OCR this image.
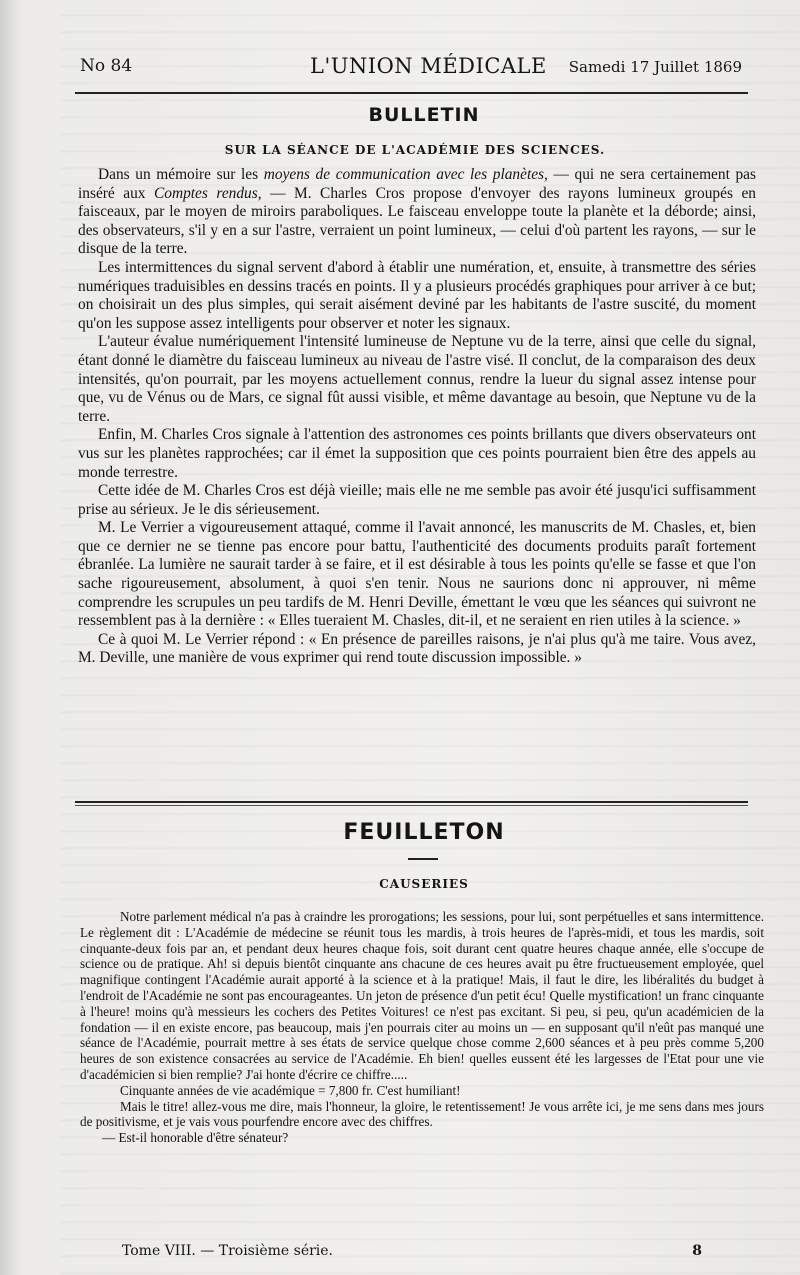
No 84	L'UNION MÉDICALE Samedi 17 Juillet 1869
BULLETIN
SUR LA SÉANCE DE L'ACADÉMIE DES SCIENCES.

Dans un mémoire sur les moyens de communication avec les planètes, — qui ne sera certainement pas inséré aux Comptes rendus, — M. Charles Cros propose d'envoyer des rayons lumineux groupés en faisceaux, par le moyen de miroirs paraboliques. Le faisceau enveloppe toute la planète et la déborde; ainsi, des observateurs, s'il y en a sur l'astre, verraient un point lumineux, — celui d'où partent les rayons, — sur le disque de la terre.

Les intermittences du signal servent d'abord à établir une numération, et, ensuite, à transmettre des séries numériques traduisibles en dessins tracés en points. Il y a plusieurs procédés graphiques pour arriver à ce but; on choisirait un des plus simples, qui serait aisément deviné par les habitants de l'astre suscité, du moment qu'on les suppose assez intelligents pour observer et noter les signaux.

L'auteur évalue numériquement l'intensité lumineuse de Neptune vu de la terre, ainsi que celle du signal, étant donné le diamètre du faisceau lumineux au niveau de l'astre visé. Il conclut, de la comparaison des deux intensités, qu'on pourrait, par les moyens actuellement connus, rendre la lueur du signal assez intense pour que, vu de Vénus ou de Mars, ce signal fût aussi visible, et même davantage au besoin, que Neptune vu de la terre.

Enfin, M. Charles Cros signale à l'attention des astronomes ces points brillants que divers observateurs ont vus sur les planètes rapprochées; car il émet la supposition que ces points pourraient bien être des appels au monde terrestre.

Cette idée de M. Charles Cros est déjà vieille; mais elle ne me semble pas avoir été jusqu'ici suffisamment prise au sérieux. Je le dis sérieusement.

M. Le Verrier a vigoureusement attaqué, comme il l'avait annoncé, les manuscrits de M. Chasles, et, bien que ce dernier ne se tienne pas encore pour battu, l'authenticité des documents produits paraît fortement ébranlée. La lumière ne saurait tarder à se faire, et il est désirable à tous les points qu'elle se fasse et que l'on sache rigoureusement, absolument, à quoi s'en tenir. Nous ne saurions donc ni approuver, ni même comprendre les scrupules un peu tardifs de M. Henri Deville, émettant le vœu que les séances qui suivront ne ressemblent pas à la dernière : « Elles tueraient M. Chasles, dit-il, et ne seraient en rien utiles à la science. »

Ce à quoi M. Le Verrier répond : « En présence de pareilles raisons, je n'ai plus qu'à me taire. Vous avez, M. Deville, une manière de vous exprimer qui rend toute discussion impossible. »

FEUILLETON
CAUSERIES

Notre parlement médical n'a pas à craindre les prorogations; les sessions, pour lui, sont perpétuelles et sans intermittence. Le règlement dit : L'Académie de médecine se réunit tous les mardis, à trois heures de l'après-midi, et tous les mardis, soit cinquante-deux fois par an, et pendant deux heures chaque fois, soit durant cent quatre heures chaque année, elle s'occupe de science ou de pratique. Ah! si depuis bientôt cinquante ans chacune de ces heures avait pu être fructueusement employée, quel magnifique contingent l'Académie aurait apporté à la science et à la pratique! Mais, il faut le dire, les libéralités du budget à l'endroit de l'Académie ne sont pas encourageantes. Un jeton de présence d'un petit écu! Quelle mystification! un franc cinquante à l'heure! moins qu'à messieurs les cochers des Petites Voitures! ce n'est pas excitant. Si peu, si peu, qu'un académicien de la fondation — il en existe encore, pas beaucoup, mais j'en pourrais citer au moins un — en supposant qu'il n'eût pas manqué une séance de l'Académie, pourrait mettre à ses états de service quelque chose comme 2,600 séances et à peu près comme 5,200 heures de son existence consacrées au service de l'Académie. Eh bien! quelles eussent été les largesses de l'Etat pour une vie d'académicien si bien remplie? J'ai honte d'écrire ce chiffre.....

Cinquante années de vie académique = 7,800 fr. C'est humiliant!

Mais le titre! allez-vous me dire, mais l'honneur, la gloire, le retentissement! Je vous arrête ici, je me sens dans mes jours de positivisme, et je vais vous pourfendre encore avec des chiffres.

— Est-il honorable d'être sénateur?

Tome VIII. — Troisième série.	8
